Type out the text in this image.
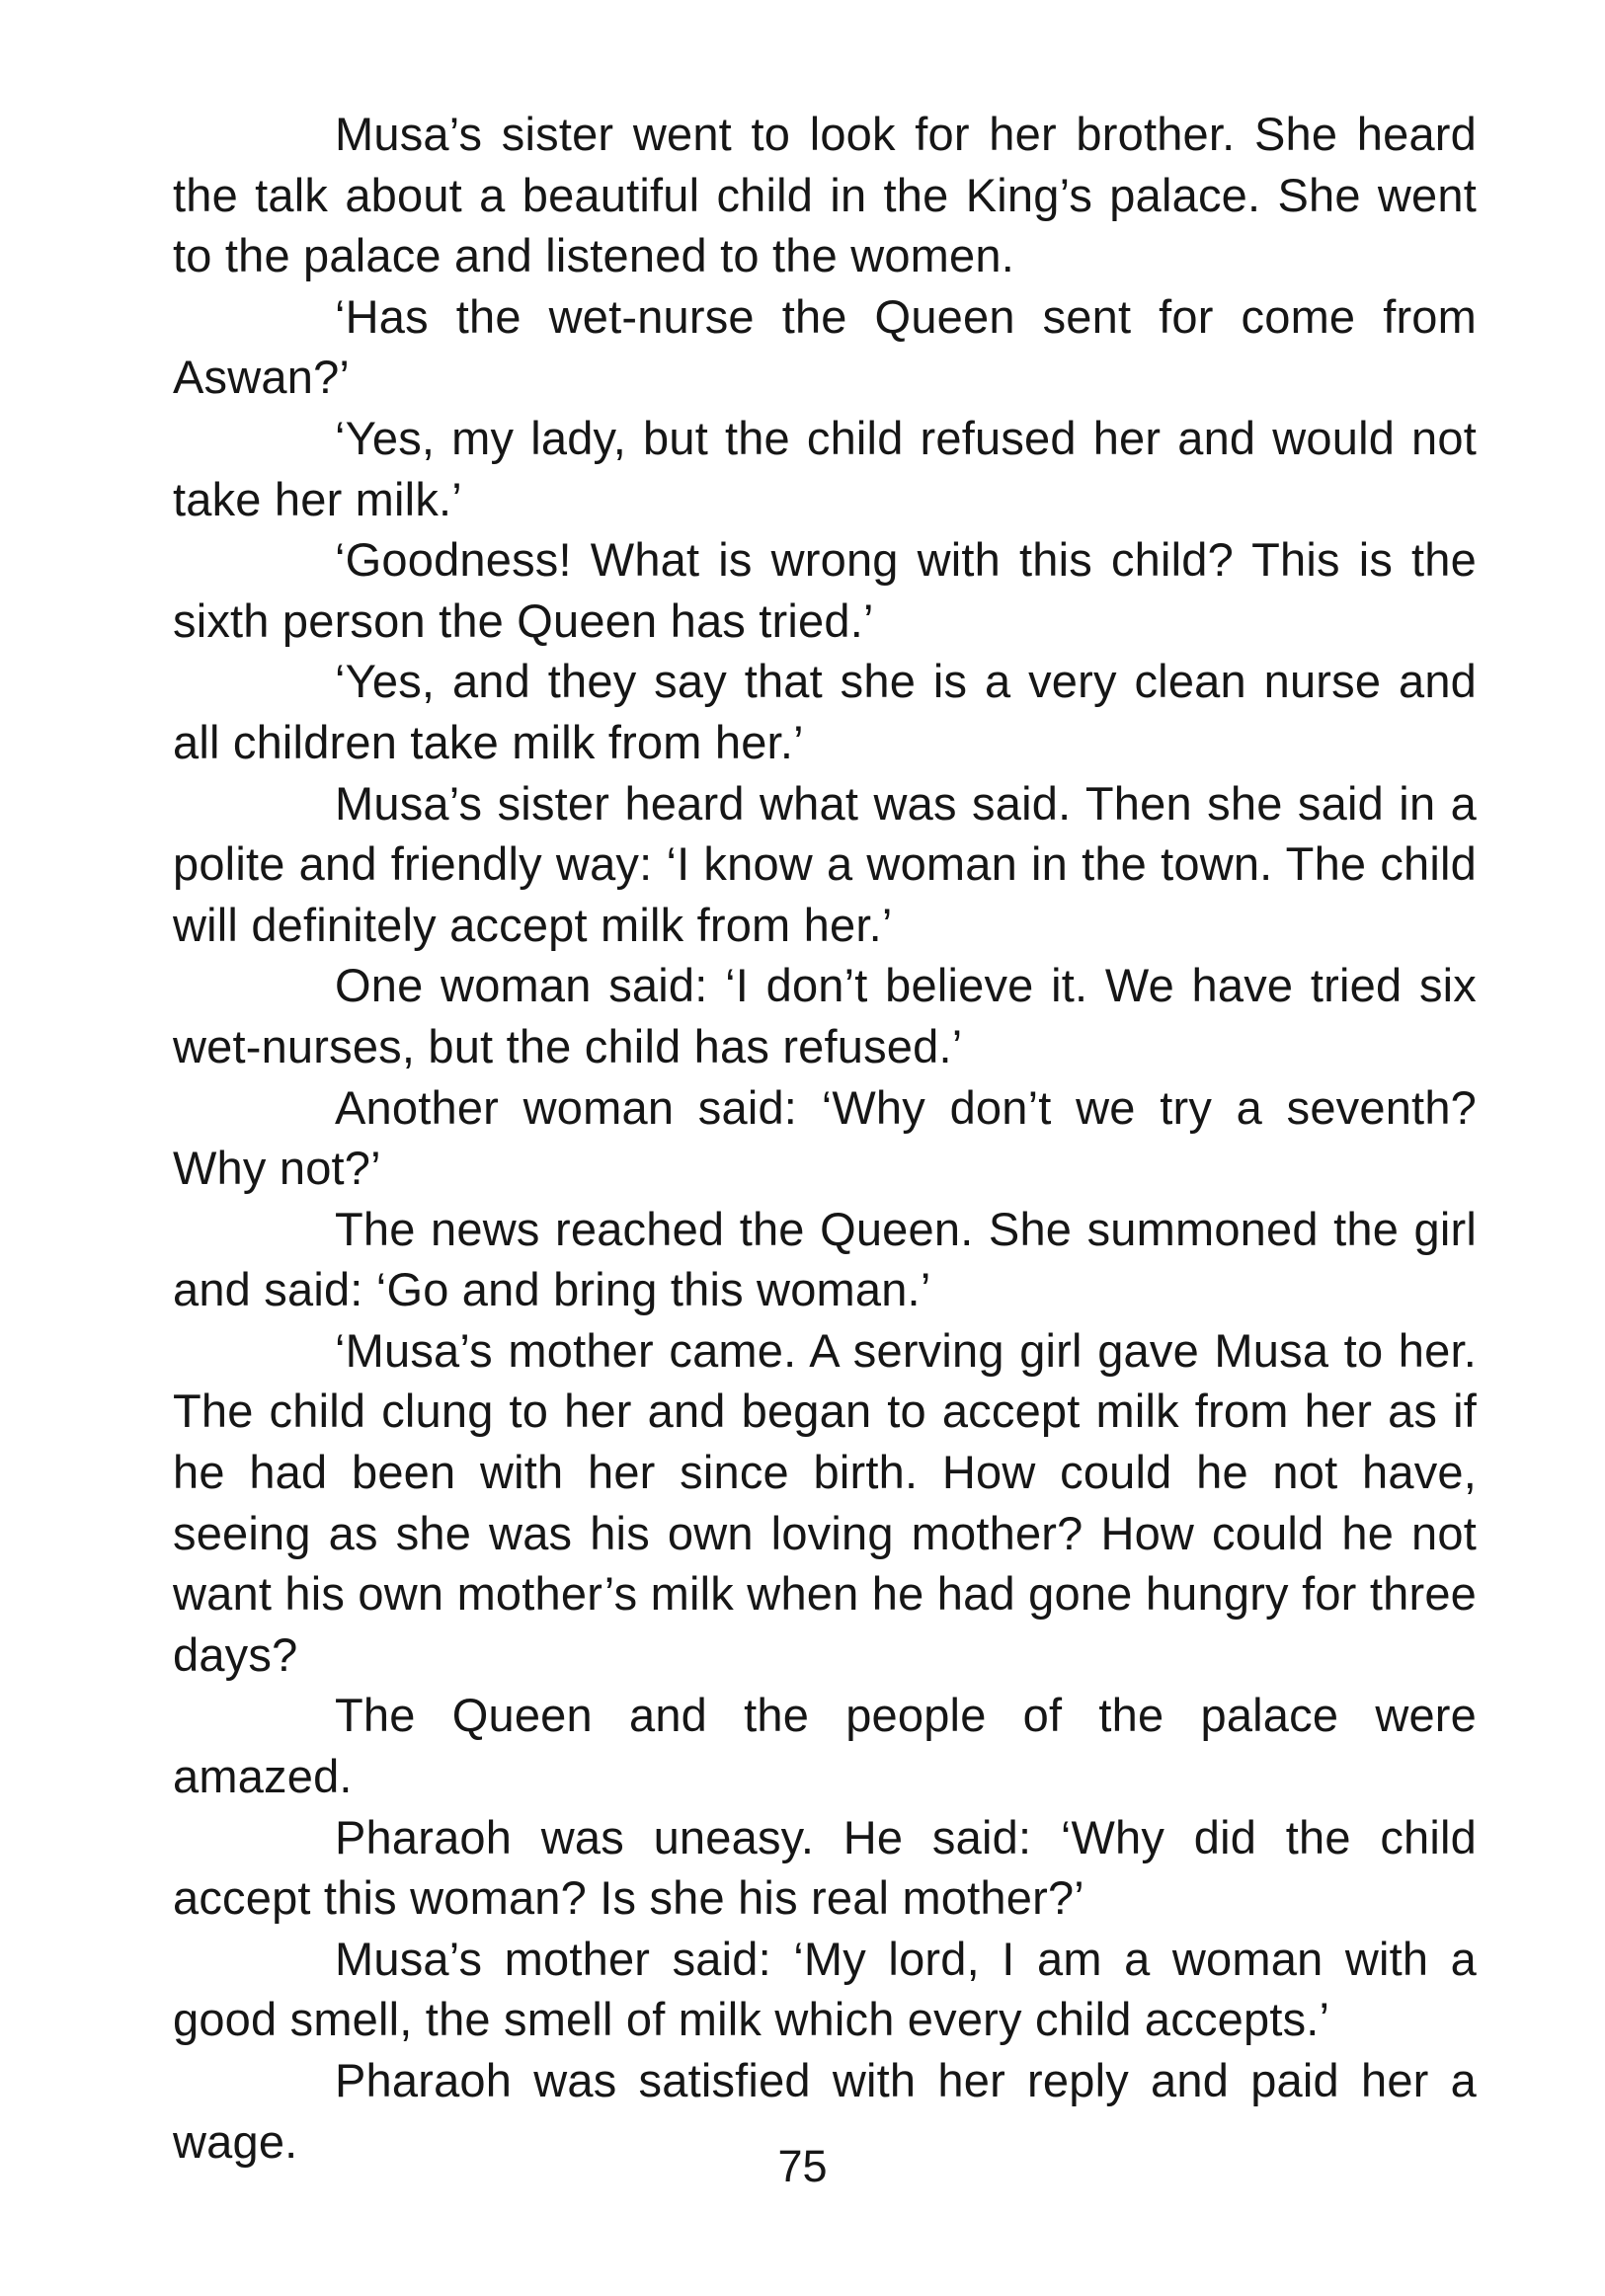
Musa’s sister went to look for her brother. She heard the talk about a beautiful child in the King’s palace. She went to the palace and listened to the women.

‘Has the wet-nurse the Queen sent for come from Aswan?’

‘Yes, my lady, but the child refused her and would not take her milk.’

‘Goodness! What is wrong with this child? This is the sixth person the Queen has tried.’

‘Yes, and they say that she is a very clean nurse and all children take milk from her.’

Musa’s sister heard what was said. Then she said in a polite and friendly way: ‘I know a woman in the town. The child will definitely accept milk from her.’

One woman said: ‘I don’t believe it. We have tried six wet-nurses, but the child has refused.’

Another woman said: ‘Why don’t we try a seventh? Why not?’

The news reached the Queen. She summoned the girl and said: ‘Go and bring this woman.’

‘Musa’s mother came. A serving girl gave Musa to her. The child clung to her and began to accept milk from her as if he had been with her since birth. How could he not have, seeing as she was his own loving mother? How could he not want his own mother’s milk when he had gone hungry for three days?

The Queen and the people of the palace were amazed.

Pharaoh was uneasy. He said: ‘Why did the child accept this woman? Is she his real mother?’

Musa’s mother said: ‘My lord, I am a woman with a good smell, the smell of milk which every child accepts.’

Pharaoh was satisfied with her reply and paid her a wage.	75
